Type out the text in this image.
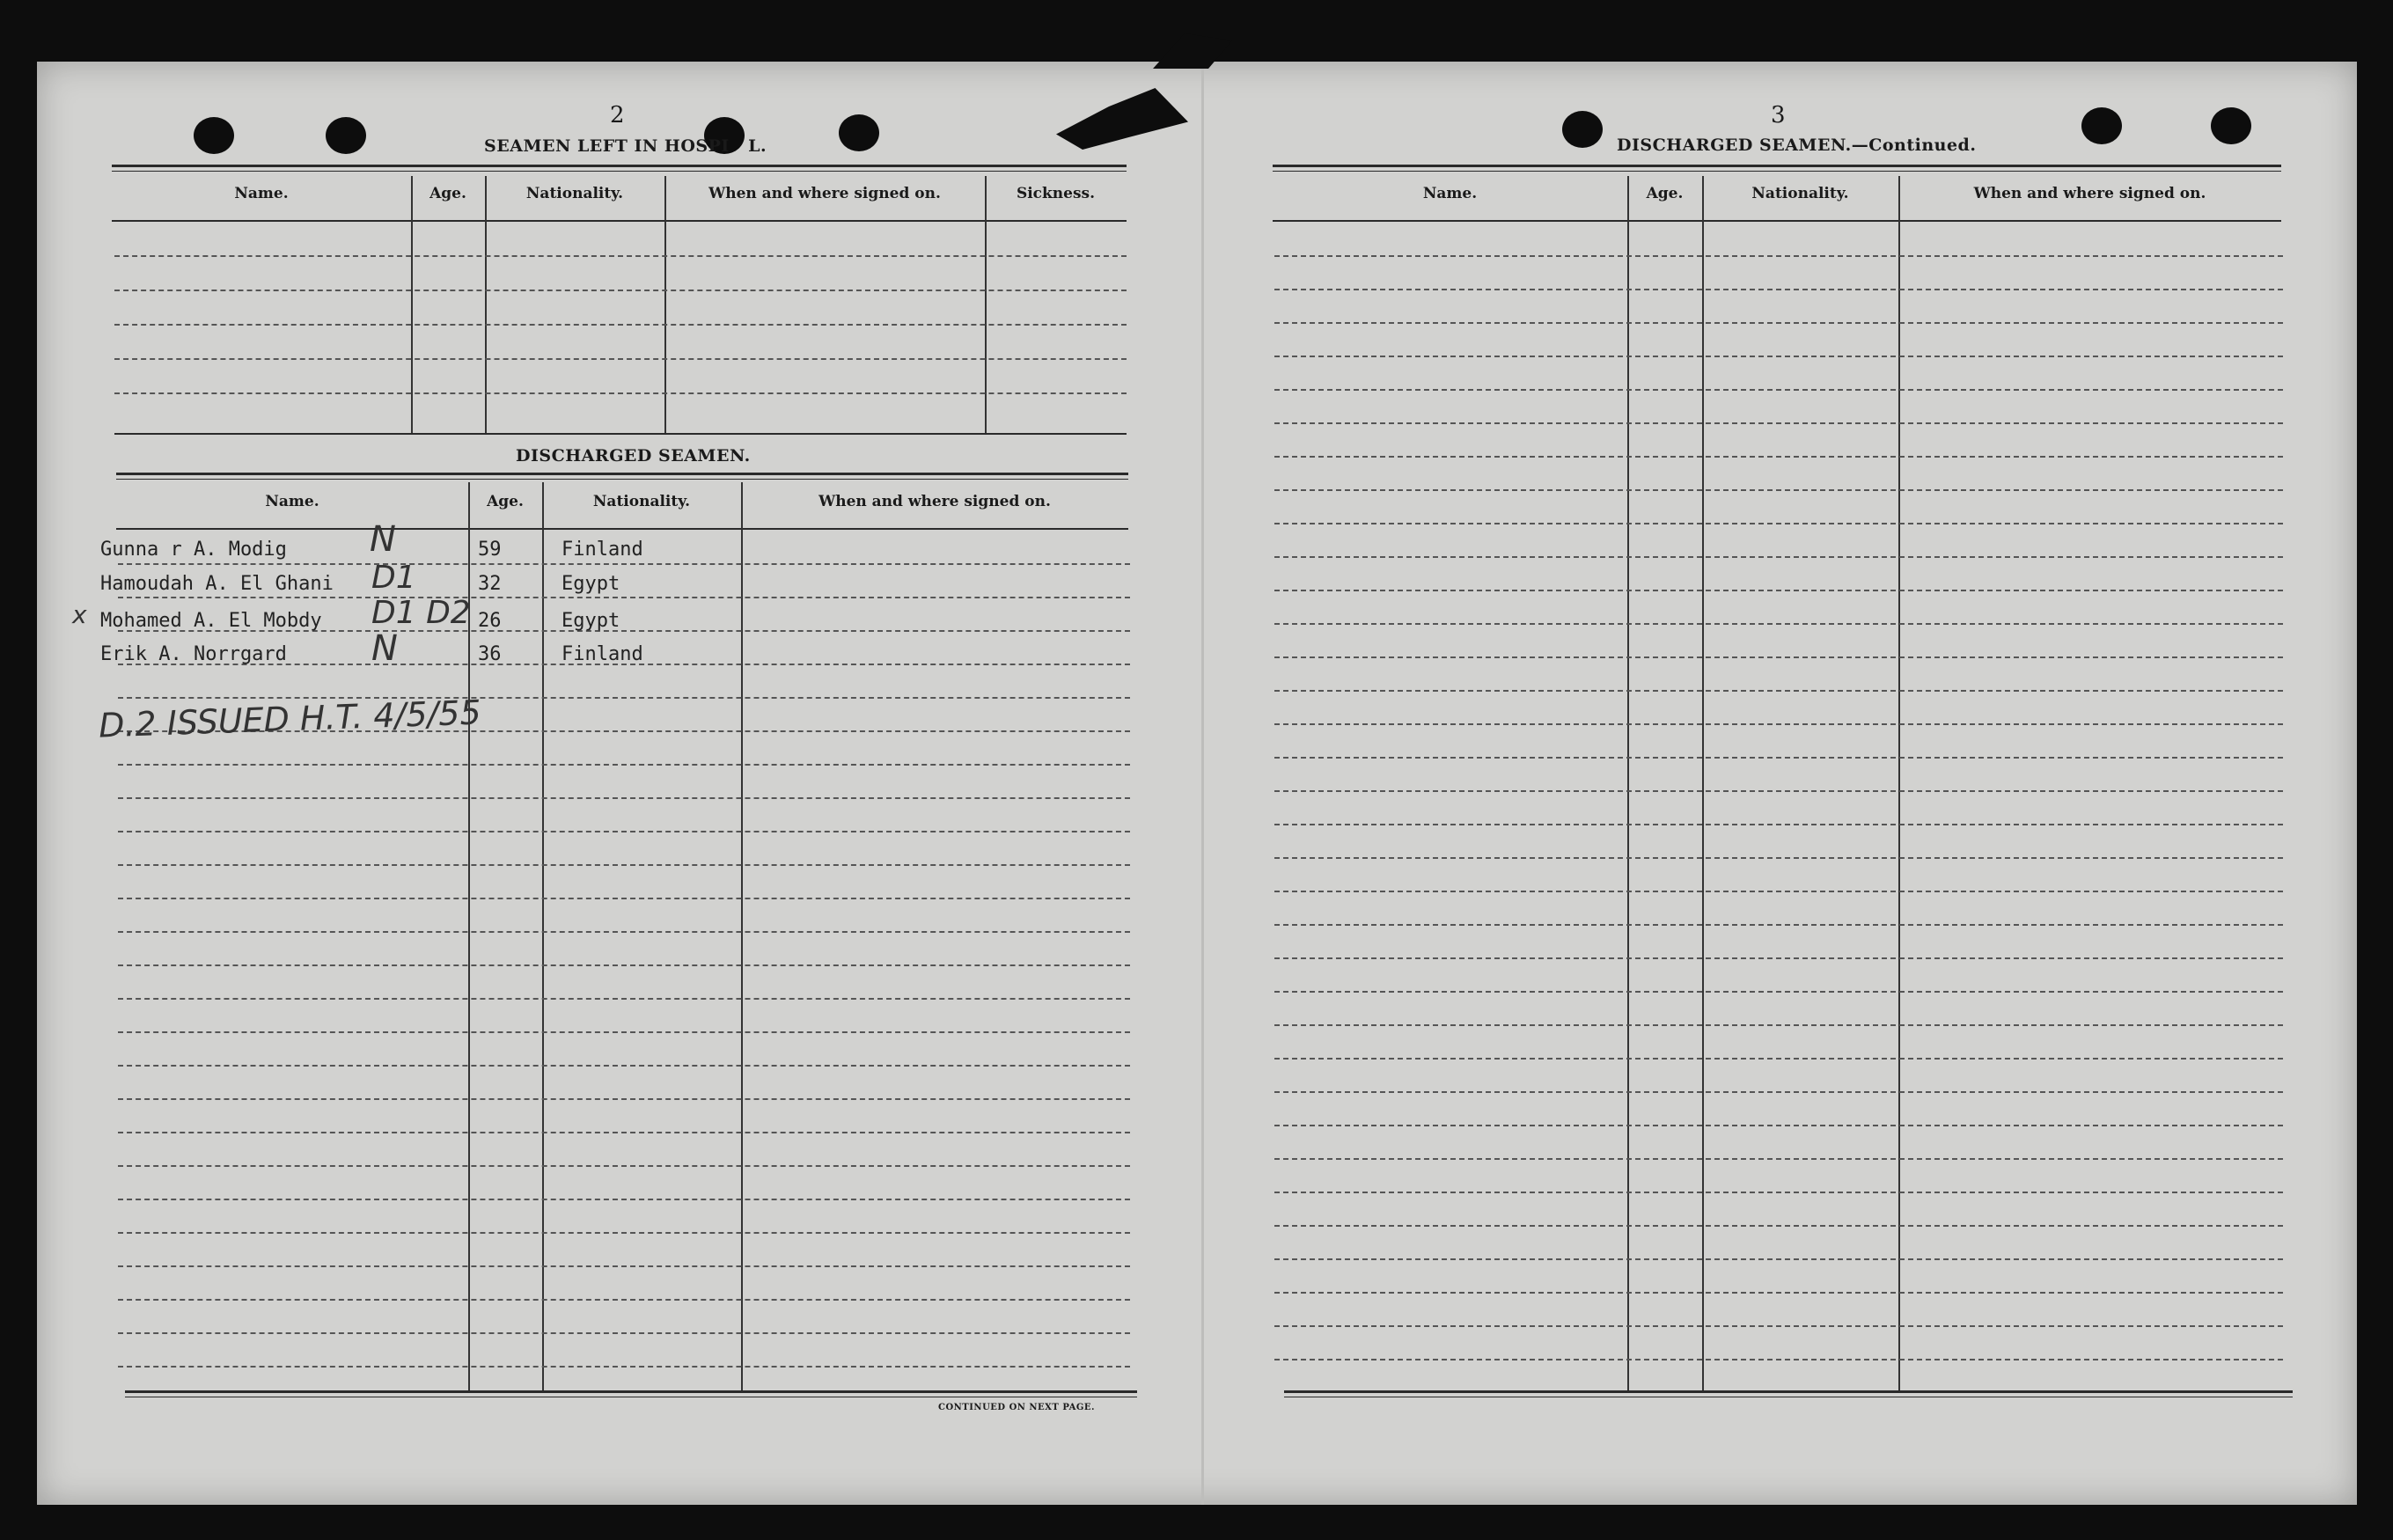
2
SEAMEN LEFT IN HOSPI   L.
Name.	Age.	Nationality.	When and where signed on.	Sickness.
DISCHARGED SEAMEN.
Name.	Age.	Nationality.	When and where signed on.
Gunna r A. Modig N	59	Finland
Hamoudah A. El Ghani D1	32	Egypt
x Mohamed A. El Mobdy D1 D2 26	Egypt
Erik A. Norrgard N	36	Finland
D.2 ISSUED H.T. 4/5/55
CONTINUED ON NEXT PAGE.
3
DISCHARGED SEAMEN.—Continued.
Name.	Age.	Nationality.	When and where signed on.
